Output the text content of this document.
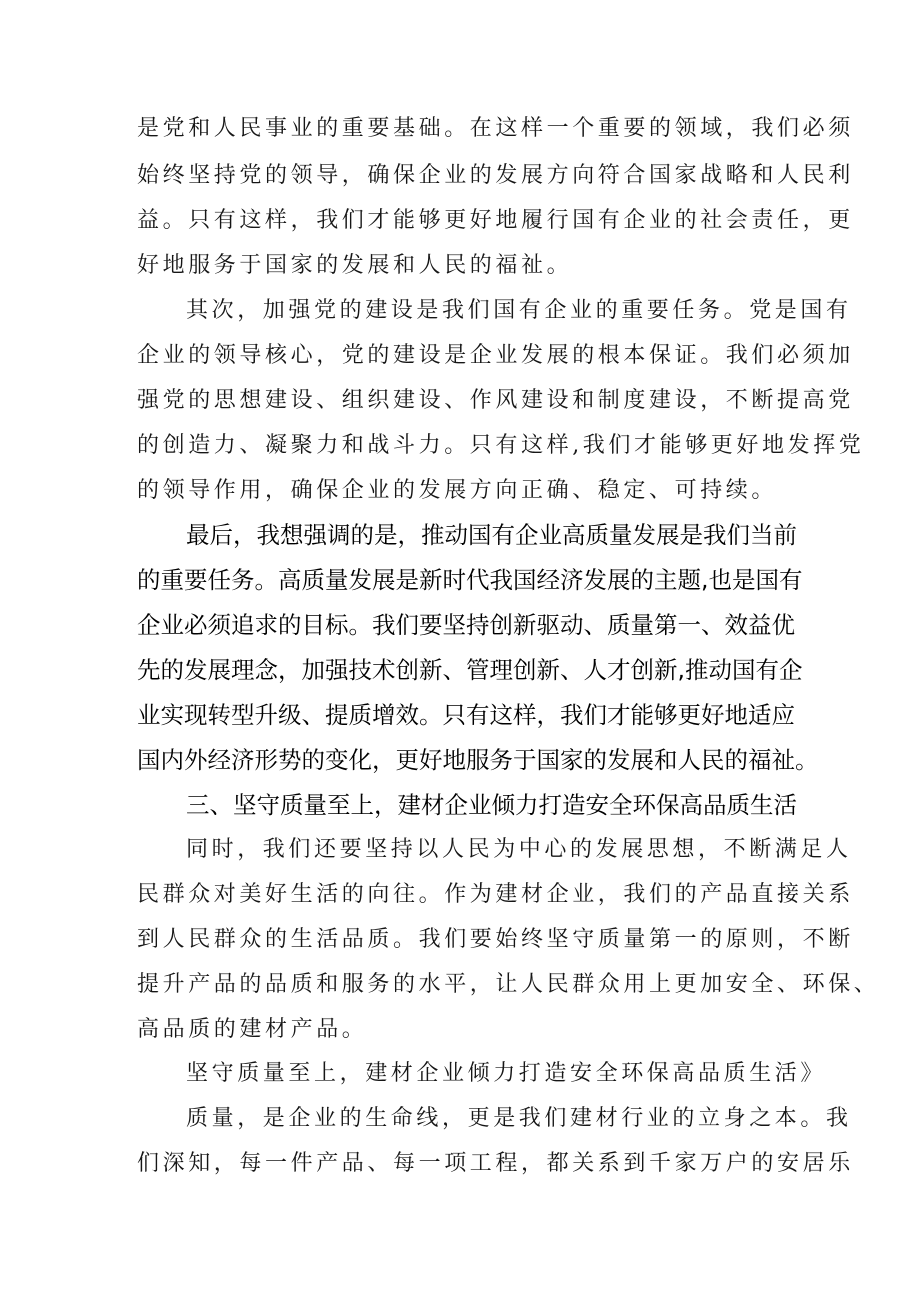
是党和人民事业的重要基础。在这样一个重要的领域，我们必须
始终坚持党的领导，确保企业的发展方向符合国家战略和人民利
益。只有这样，我们才能够更好地履行国有企业的社会责任，更
好地服务于国家的发展和人民的福祉。
其次，加强党的建设是我们国有企业的重要任务。党是国有
企业的领导核心，党的建设是企业发展的根本保证。我们必须加
强党的思想建设、组织建设、作风建设和制度建设，不断提高党
的创造力、凝聚力和战斗力。只有这样,我们才能够更好地发挥党
的领导作用，确保企业的发展方向正确、稳定、可持续。
最后，我想强调的是，推动国有企业高质量发展是我们当前
的重要任务。高质量发展是新时代我国经济发展的主题,也是国有
企业必须追求的目标。我们要坚持创新驱动、质量第一、效益优
先的发展理念，加强技术创新、管理创新、人才创新,推动国有企
业实现转型升级、提质增效。只有这样，我们才能够更好地适应
国内外经济形势的变化，更好地服务于国家的发展和人民的福祉。
三、坚守质量至上，建材企业倾力打造安全环保高品质生活
同时，我们还要坚持以人民为中心的发展思想，不断满足人
民群众对美好生活的向往。作为建材企业，我们的产品直接关系
到人民群众的生活品质。我们要始终坚守质量第一的原则，不断
提升产品的品质和服务的水平，让人民群众用上更加安全、环保、
高品质的建材产品。
坚守质量至上，建材企业倾力打造安全环保高品质生活》
质量，是企业的生命线，更是我们建材行业的立身之本。我
们深知，每一件产品、每一项工程，都关系到千家万户的安居乐
